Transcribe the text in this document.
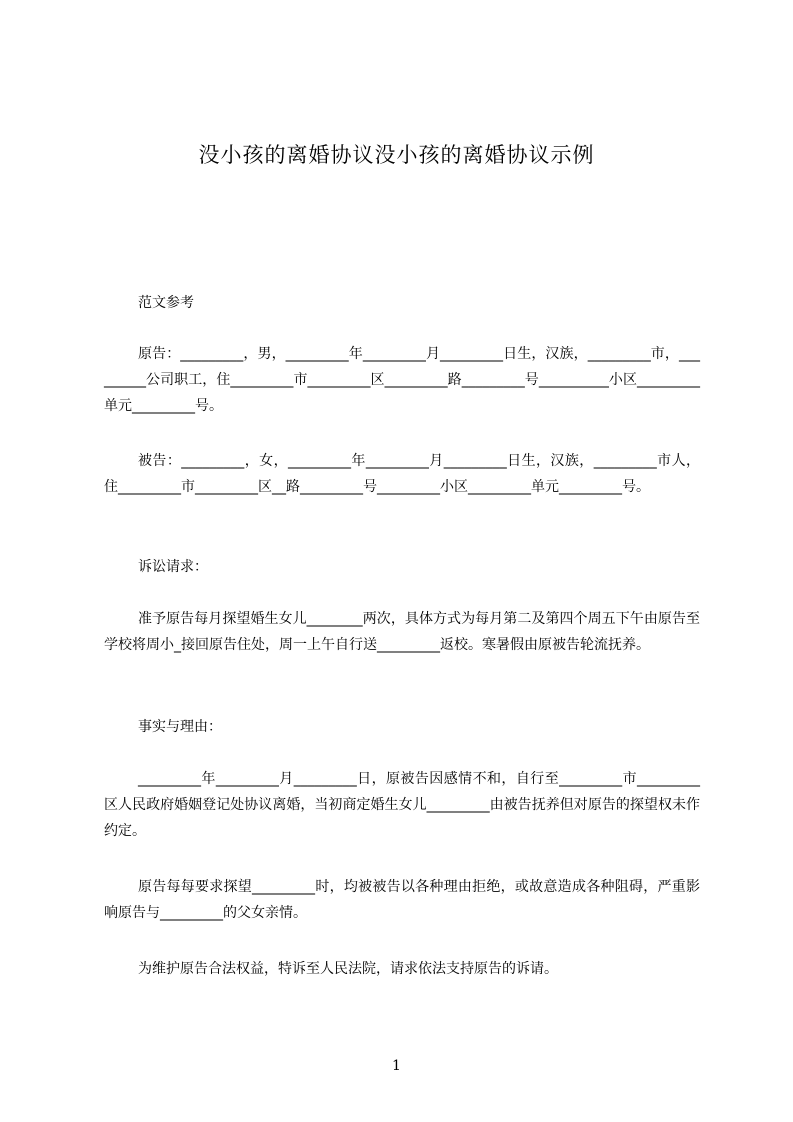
没小孩的离婚协议没小孩的离婚协议示例

范文参考

原告：_________，男，_________年_________月_________日生，汉族，_________市，_________公司职工，住_________市_________区_________路_________号__________小区_________单元_________号。

被告：_________，女，_________年_________月_________日生，汉族，_________市人，住_________市_________区__路_________号_________小区_________单元_________号。

诉讼请求：

准予原告每月探望婚生女儿________两次，具体方式为每月第二及第四个周五下午由原告至学校将周小_接回原告住处，周一上午自行送_________返校。寒暑假由原被告轮流抚养。

事实与理由：

_________年_________月_________日，原被告因感情不和，自行至_________市_________区人民政府婚姻登记处协议离婚，当初商定婚生女儿_________由被告抚养但对原告的探望权未作约定。

原告每每要求探望_________时，均被被告以各种理由拒绝，或故意造成各种阻碍，严重影响原告与_________的父女亲情。

为维护原告合法权益，特诉至人民法院，请求依法支持原告的诉请。

1
